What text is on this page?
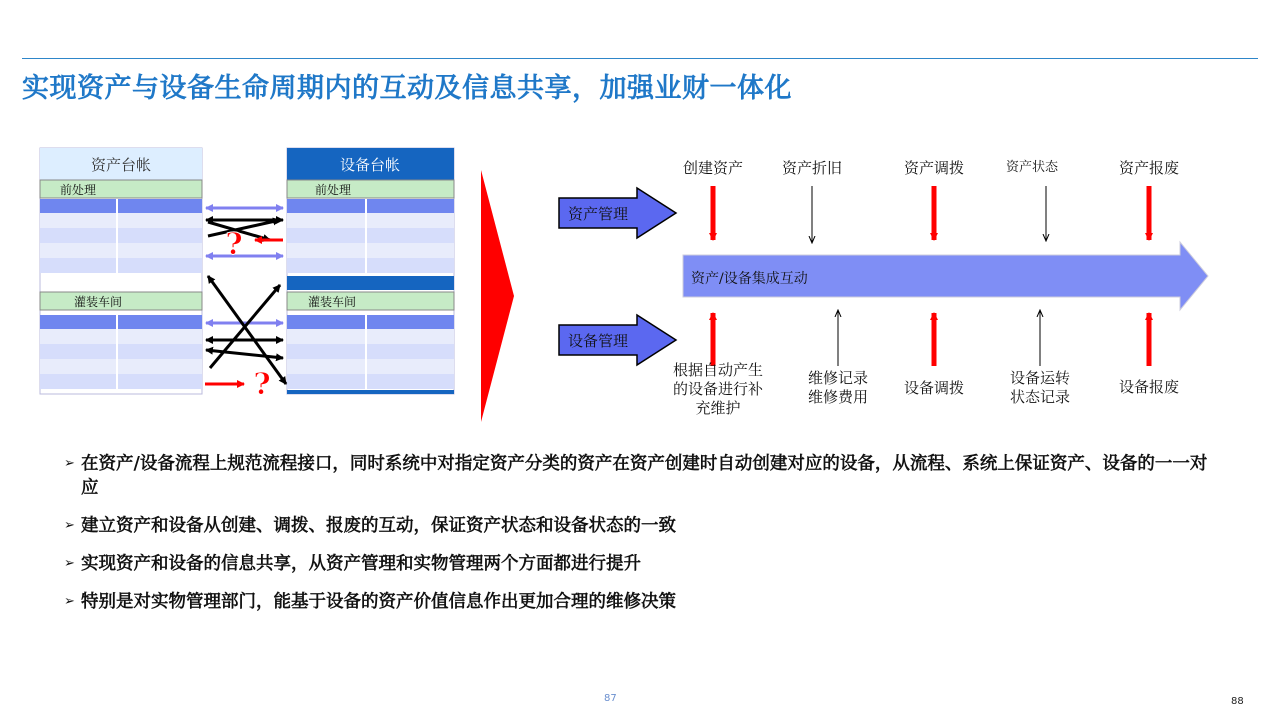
实现资产与设备生命周期内的互动及信息共享，加强业财一体化
资产台帐
前处理
灌装车间
设备台帐
前处理
灌装车间
?
?
资产管理
设备管理
资产/设备集成互动
创建资产	资产折旧	资产调拨	资产状态	资产报废
根据自动产生
的设备进行补
充维护
维修记录
维修费用 设备调拨
设备运转
状态记录
设备报废
➢ 在资产/设备流程上规范流程接口，同时系统中对指定资产分类的资产在资产创建时自动创建对应的设备，从流程、系统上保证资产、设备的一一对应
➢ 建立资产和设备从创建、调拨、报废的互动，保证资产状态和设备状态的一致
➢ 实现资产和设备的信息共享，从资产管理和实物管理两个方面都进行提升
➢ 特别是对实物管理部门，能基于设备的资产价值信息作出更加合理的维修决策
87	88
